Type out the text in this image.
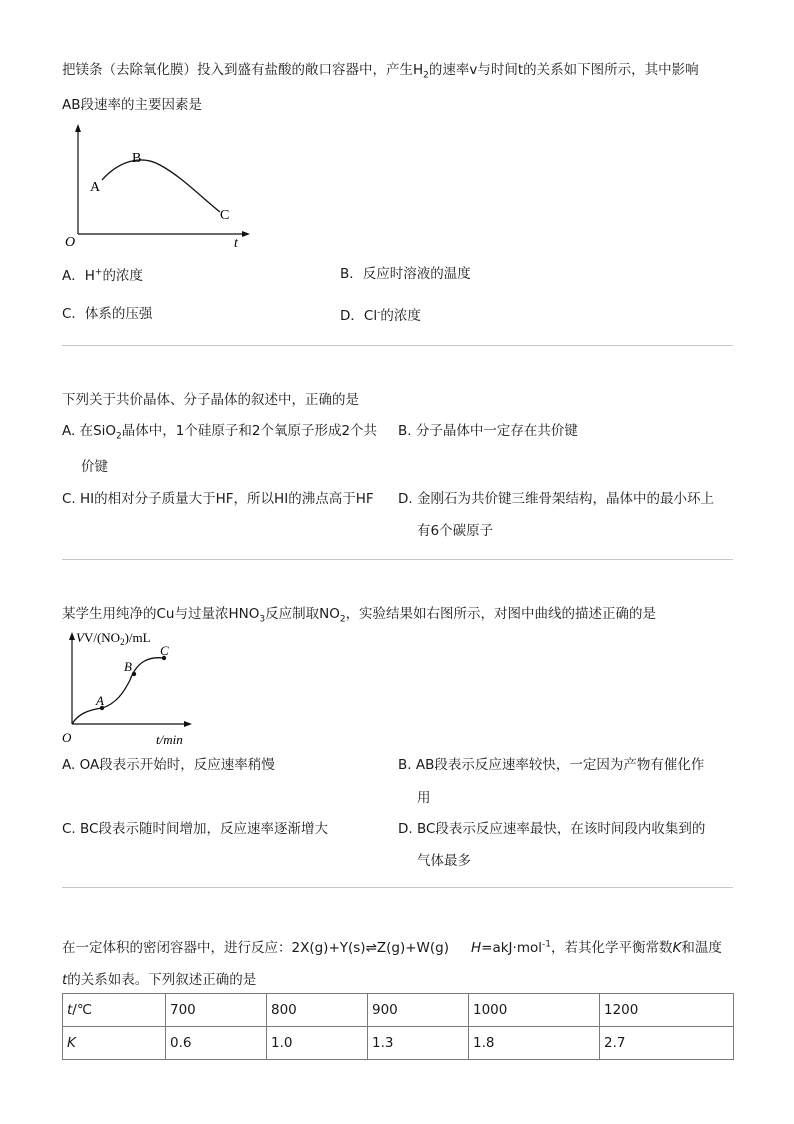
把镁条（去除氧化膜）投入到盛有盐酸的敞口容器中，产生$H_2$的速率v与时间t的关系如下图所示，其中影响
AB段速率的主要因素是
A
B
C
O	t
A．H+的浓度	B．反应时溶液的温度
C．体系的压强	D．Cl-的浓度
下列关于共价晶体、分子晶体的叙述中，正确的是
A. 在SiO$_2$晶体中，1个硅原子和2个氧原子形成2个共
价键
B. 分子晶体中一定存在共价键
C. HI的相对分子质量大于HF，所以HI的沸点高于HF D. 金刚石为共价键三维骨架结构，晶体中的最小环上
有6个碳原子
某学生用纯净的Cu与过量浓$HNO_3$反应制取$NO_2$，实验结果如右图所示，对图中曲线的描述正确的是
$VV/(NO_2)/mL$
A
B
C
O	t/min
A. OA段表示开始时，反应速率稍慢	B. AB段表示反应速率较快，一定因为产物有催化作
用
C. BC段表示随时间增加，反应速率逐渐增大	D. BC段表示反应速率最快，在该时间段内收集到的
气体最多
在一定体积的密闭容器中，进行反应：2X(g)+Y(s)⇌Z(g)+W(g) H=akJ·mol$^{-1}$，若其化学平衡常数K和温度
t的关系如表。下列叙述正确的是
t/℃	700	800	900	1000	1200
K	0.6	1.0	1.3	1.8	2.7
